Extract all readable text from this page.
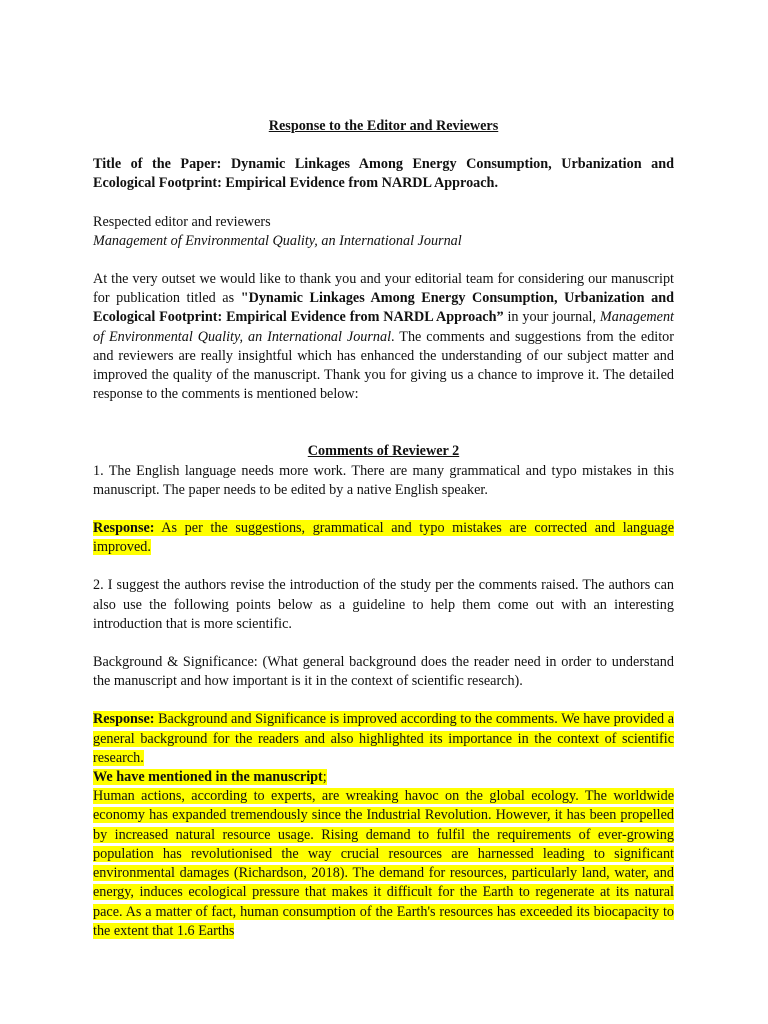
Response to the Editor and Reviewers

Title of the Paper: Dynamic Linkages Among Energy Consumption, Urbanization and Ecological Footprint: Empirical Evidence from NARDL Approach.

Respected editor and reviewers

Management of Environmental Quality, an International Journal

At the very outset we would like to thank you and your editorial team for considering our manuscript for publication titled as "Dynamic Linkages Among Energy Consumption, Urbanization and Ecological Footprint: Empirical Evidence from NARDL Approach” in your journal, Management of Environmental Quality, an International Journal. The comments and suggestions from the editor and reviewers are really insightful which has enhanced the understanding of our subject matter and improved the quality of the manuscript. Thank you for giving us a chance to improve it. The detailed response to the comments is mentioned below:

Comments of Reviewer 2

1. The English language needs more work. There are many grammatical and typo mistakes in this manuscript. The paper needs to be edited by a native English speaker.

Response: As per the suggestions, grammatical and typo mistakes are corrected and language improved.

2. I suggest the authors revise the introduction of the study per the comments raised. The authors can also use the following points below as a guideline to help them come out with an interesting introduction that is more scientific.

Background & Significance: (What general background does the reader need in order to understand the manuscript and how important is it in the context of scientific research).

Response: Background and Significance is improved according to the comments. We have provided a general background for the readers and also highlighted its importance in the context of scientific research.

We have mentioned in the manuscript;

Human actions, according to experts, are wreaking havoc on the global ecology. The worldwide economy has expanded tremendously since the Industrial Revolution. However, it has been propelled by increased natural resource usage. Rising demand to fulfil the requirements of ever-growing population has revolutionised the way crucial resources are harnessed leading to significant environmental damages (Richardson, 2018). The demand for resources, particularly land, water, and energy, induces ecological pressure that makes it difficult for the Earth to regenerate at its natural pace. As a matter of fact, human consumption of the Earth's resources has exceeded its biocapacity to the extent that 1.6 Earths
